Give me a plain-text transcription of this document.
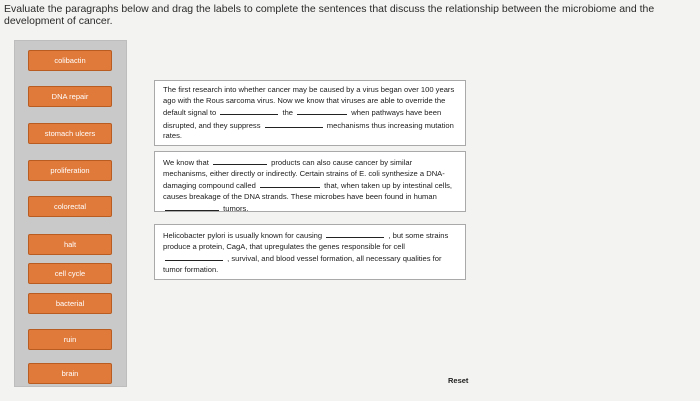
Evaluate the paragraphs below and drag the labels to complete the sentences that discuss the relationship between the microbiome and the development of cancer.
colibactin
DNA repair
stomach ulcers
proliferation
colorectal
halt
cell cycle
bacterial
ruin
brain
The first research into whether cancer may be caused by a virus began over 100 years ago with the Rous sarcoma virus. Now we know that viruses are able to override the default signal to	the	when pathways have been disrupted, and they suppress	mechanisms thus increasing mutation rates.
We know that	products can also cause cancer by similar mechanisms, either directly or indirectly. Certain strains of E. coli synthesize a DNA-damaging compound called	that, when taken up by intestinal cells, causes breakage of the DNA strands. These microbes have been found in human  tumors.
Helicobacter pylori is usually known for causing	, but some strains produce a protein, CagA, that upregulates the genes responsible for cell  , survival, and blood vessel formation, all necessary qualities for tumor formation.
Reset
